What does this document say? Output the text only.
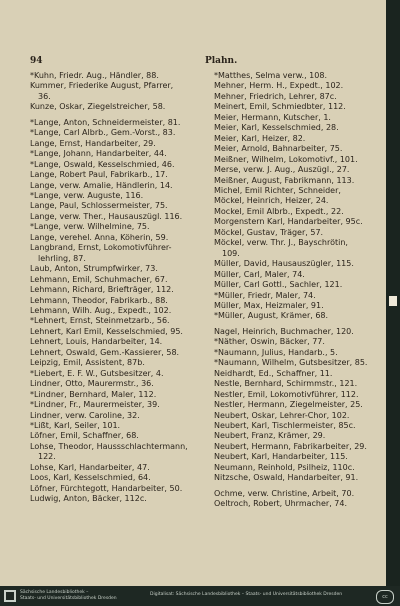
94	Plahn.
*Kuhn, Friedr. Aug., Händler, 88.
Kummer, Friederike August, Pfarrer,
36.
Kunze, Oskar, Ziegelstreicher, 58.
*Lange, Anton, Schneidermeister, 81.
*Lange, Carl Albrb., Gem.-Vorst., 83.
Lange, Ernst, Handarbeiter, 29.
*Lange, Johann, Handarbeiter, 44.
*Lange, Oswald, Kesselschmied, 46.
Lange, Robert Paul, Fabrikarb., 17.
Lange, verw. Amalie, Händlerin, 14.
*Lange, verw. Auguste, 116.
Lange, Paul, Schlossermeister, 75.
Lange, verw. Ther., Hausauszügl. 116.
*Lange, verw. Wilhelmine, 75.
Lange, verehel. Anna, Köherin, 59.
Langbrand, Ernst, Lokomotivführer-
lehrling, 87.
Laub, Anton, Strumpfwirker, 73.
Lehmann, Emil, Schuhmacher, 67.
Lehmann, Richard, Briefträger, 112.
Lehmann, Theodor, Fabrikarb., 88.
Lehmann, Wilh. Aug., Expedt., 102.
*Lehnert, Ernst, Steinmetzarb., 56.
Lehnert, Karl Emil, Kesselschmied, 95.
Lehnert, Louis, Handarbeiter, 14.
Lehnert, Oswald, Gem.-Kassierer, 58.
Leipzig, Emil, Assistent, 87b.
*Liebert, E. F. W., Gutsbesitzer, 4.
Lindner, Otto, Maurermstr., 36.
*Lindner, Bernhard, Maler, 112.
*Lindner, Fr., Maurermeister, 39.
Lindner, verw. Caroline, 32.
*Lißt, Karl, Seiler, 101.
Löfner, Emil, Schaffner, 68.
Lohse, Theodor, Haussschlachtermann,
122.
Lohse, Karl, Handarbeiter, 47.
Loos, Karl, Kesselschmied, 64.
Löfner, Fürchtegott, Handarbeiter, 50.
Ludwig, Anton, Bäcker, 112c.
*Matthes, Selma verw., 108.
Mehner, Herm. H., Expedt., 102.
Mehner, Friedrich, Lehrer, 87c.
Meinert, Emil, Schmiedbter, 112.
Meier, Hermann, Kutscher, 1.
Meier, Karl, Kesselschmied, 28.
Meier, Karl, Heizer, 82.
Meier, Arnold, Bahnarbeiter, 75.
Meißner, Wilhelm, Lokomotivf., 101.
Merse, verw. J. Aug., Auszügl., 27.
Meißner, August, Fabrikmann, 113.
Michel, Emil Richter, Schneider,
Möckel, Heinrich, Heizer, 24.
Mockel, Emil Albrb., Expedt., 22.
Morgenstern Karl, Handarbeiter, 95c.
Möckel, Gustav, Träger, 57.
Möckel, verw. Thr. J., Bayschrötin,
109.
Müller, David, Hausauszügler, 115.
Müller, Carl, Maler, 74.
Müller, Carl Gottl., Sachler, 121.
*Müller, Friedr, Maler, 74.
Müller, Max, Heizmaler, 91.
*Müller, August, Krämer, 68.
Nagel, Heinrich, Buchmacher, 120.
*Näther, Oswin, Bäcker, 77.
*Naumann, Julius, Handarb., 5.
*Naumann, Wilhelm, Gutsbesitzer, 85.
Neidhardt, Ed., Schaffner, 11.
Nestle, Bernhard, Schirmmstr., 121.
Nestler, Emil, Lokomotivführer, 112.
Nestler, Hermann, Ziegelmeister, 25.
Neubert, Oskar, Lehrer-Chor, 102.
Neubert, Karl, Tischlermeister, 85c.
Neubert, Franz, Krämer, 29.
Neubert, Hermann, Fabrikarbeiter, 29.
Neubert, Karl, Handarbeiter, 115.
Neumann, Reinhold, Psilheiz, 110c.
Nitzsche, Oswald, Handarbeiter, 91.
Ochme, verw. Christine, Arbeit, 70.
Oeltroch, Robert, Uhrmacher, 74.
Sächsische Landesbibliothek –
Staats- und Universitätsbibliothek Dresden
Digitalisat: Sächsische Landesbibliothek – Staats- und Universitätsbibliothek Dresden	cc
